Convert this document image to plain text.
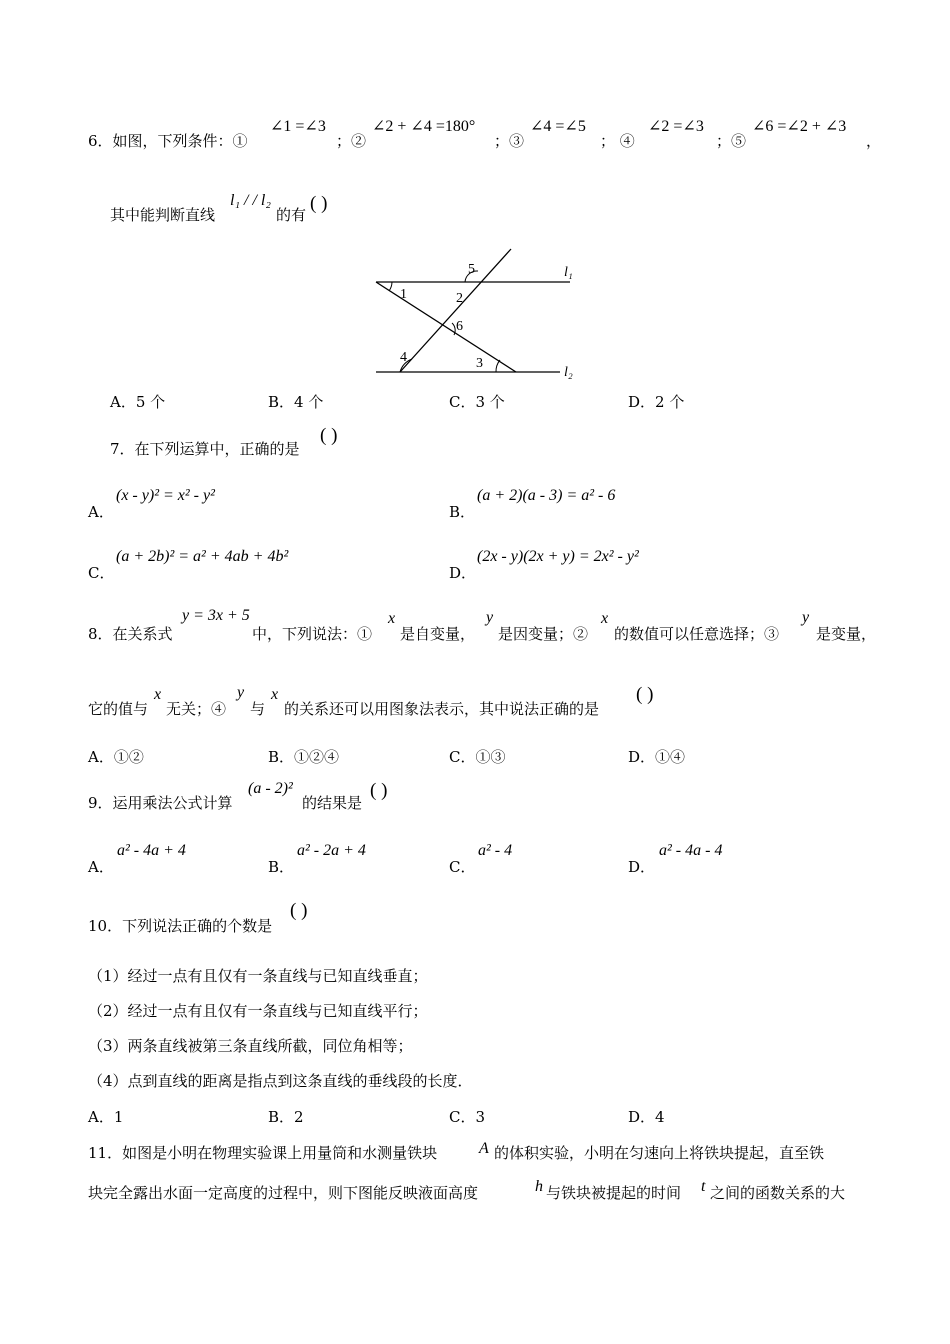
6．如图，下列条件：①
∠1 =∠3
；②
∠2 + ∠4 =180°
；③
∠4 =∠5
； ④
∠2 =∠3
；⑤
∠6 =∠2 + ∠3
，
其中能判断直线
l₁ / / l₂
的有
( )
1	2
3
4
5
6
l₁
l₂
A．5 个	B．4 个	C．3 个	D．2 个
7．在下列运算中，正确的是
( )
A．
(x - y)² = x² - y²
B．
(a + 2)(a - 3) = a² - 6
C．
(a + 2b)² = a² + 4ab + 4b²
D．
(2x - y)(2x + y) = 2x² - y²
8．在关系式
y = 3x + 5
中，下列说法：①
x
是自变量，
y
是因变量；②
x
的数值可以任意选择；③
y
是变量，
它的值与
x
无关；④
y
与
x
的关系还可以用图象法表示，其中说法正确的是
( )
A．①②	B．①②④	C．①③	D．①④
9．运用乘法公式计算
(a - 2)²
的结果是
( )
A．
a² - 4a + 4
B．
a² - 2a + 4
C．
a² - 4
D．
a² - 4a - 4
10．下列说法正确的个数是
( )
（1）经过一点有且仅有一条直线与已知直线垂直；
（2）经过一点有且仅有一条直线与已知直线平行；
（3）两条直线被第三条直线所截，同位角相等；
（4）点到直线的距离是指点到这条直线的垂线段的长度．
A．1	B．2	C．3	D．4
11．如图是小明在物理实验课上用量筒和水测量铁块	A 的体积实验，小明在匀速向上将铁块提起，直至铁
块完全露出水面一定高度的过程中，则下图能反映液面高度	h 与铁块被提起的时间 t 之间的函数关系的大
